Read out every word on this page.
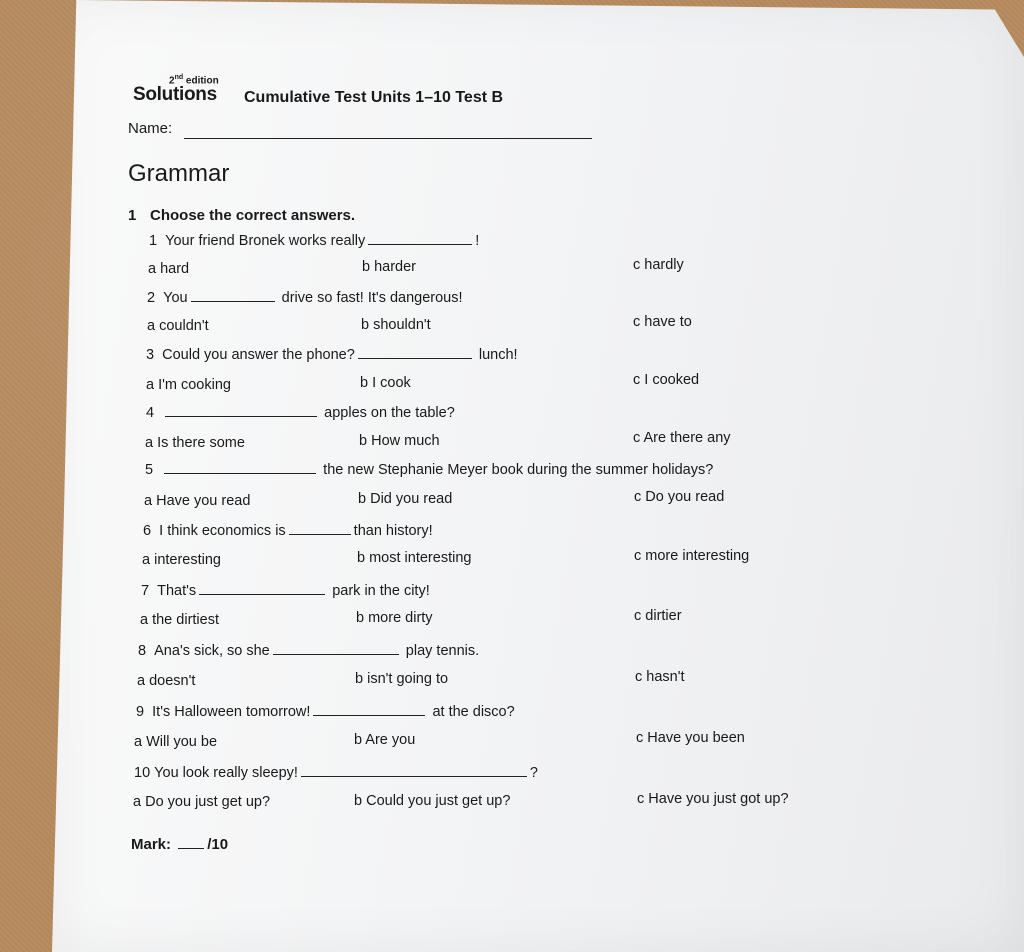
2nd edition
Solutions Cumulative Test Units 1–10 Test B
Name:
Grammar
1 Choose the correct answers.
1 Your friend Bronek works really	!
a hard	b harder	c hardly
2 You	drive so fast! It's dangerous!
a couldn't	b shouldn't	c have to
3 Could you answer the phone?	lunch!
a I'm cooking	b I cook	c I cooked
4	apples on the table?
a Is there some	b How much	c Are there any
5	the new Stephanie Meyer book during the summer holidays?
a Have you read	b Did you read	c Do you read
6 I think economics is	than history!
a interesting	b most interesting	c more interesting
7 That's	park in the city!
a the dirtiest	b more dirty	c dirtier
8 Ana's sick, so she	play tennis.
a doesn't	b isn't going to	c hasn't
9 It's Halloween tomorrow!	at the disco?
a Will you be	b Are you	c Have you been
10 You look really sleepy!	?
a Do you just get up?	b Could you just get up?	c Have you just got up?
Mark: /10
